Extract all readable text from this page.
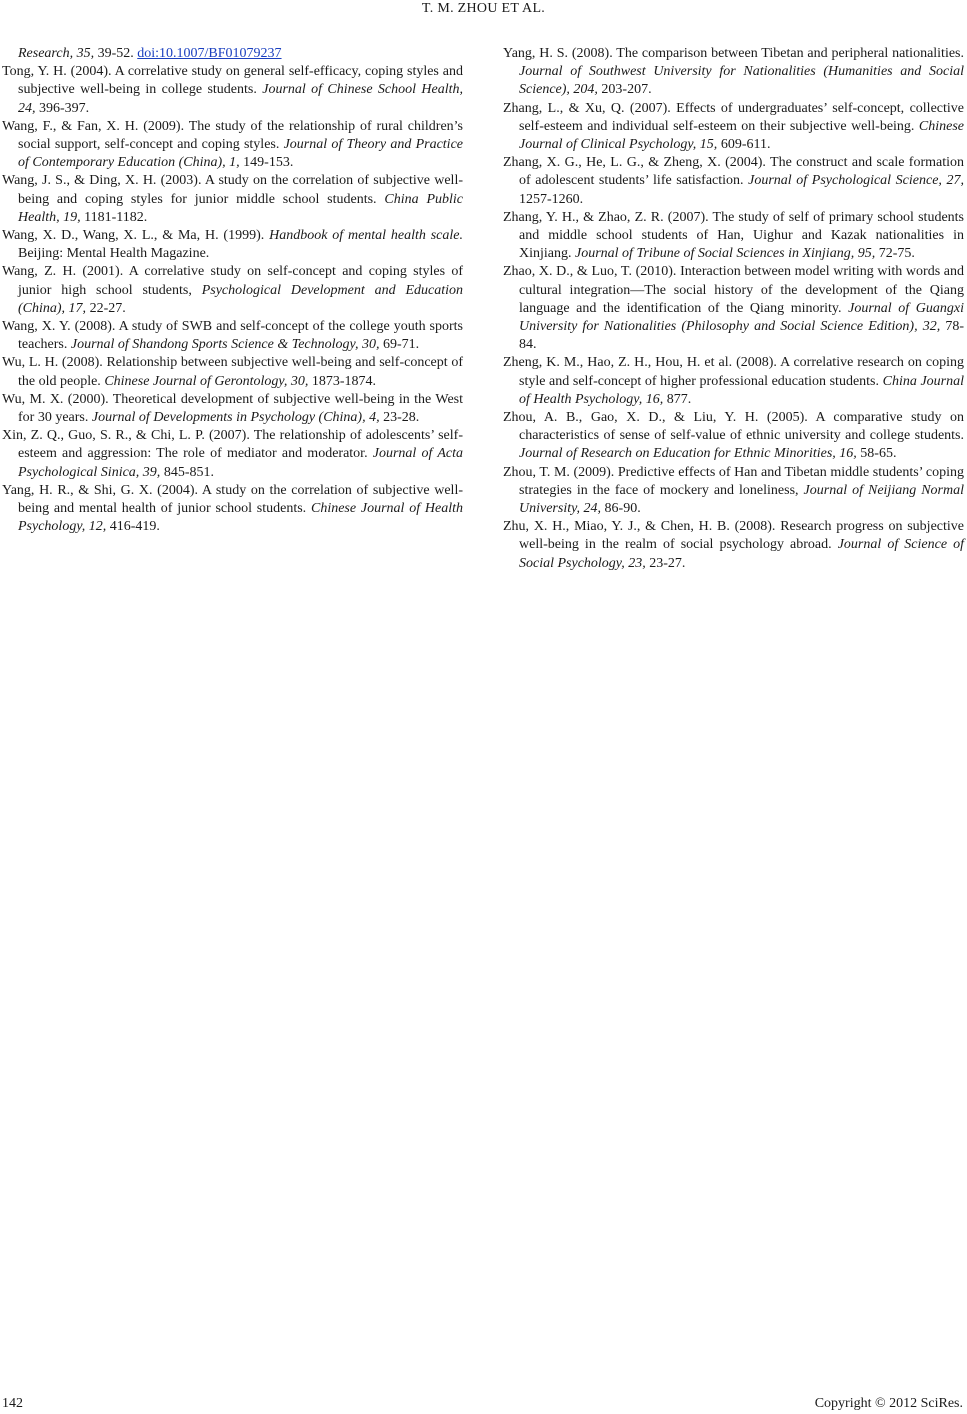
T. M. ZHOU ET AL.

Research, 35, 39-52. doi:10.1007/BF01079237

Tong, Y. H. (2004). A correlative study on general self-efficacy, coping styles and subjective well-being in college students. Journal of Chinese School Health, 24, 396-397.

Wang, F., & Fan, X. H. (2009). The study of the relationship of rural children’s social support, self-concept and coping styles. Journal of Theory and Practice of Contemporary Education (China), 1, 149-153.

Wang, J. S., & Ding, X. H. (2003). A study on the correlation of subjective well-being and coping styles for junior middle school students. China Public Health, 19, 1181-1182.

Wang, X. D., Wang, X. L., & Ma, H. (1999). Handbook of mental health scale. Beijing: Mental Health Magazine.

Wang, Z. H. (2001). A correlative study on self-concept and coping styles of junior high school students, Psychological Development and Education (China), 17, 22-27.

Wang, X. Y. (2008). A study of SWB and self-concept of the college youth sports teachers. Journal of Shandong Sports Science & Technology, 30, 69-71.

Wu, L. H. (2008). Relationship between subjective well-being and self-concept of the old people. Chinese Journal of Gerontology, 30, 1873-1874.

Wu, M. X. (2000). Theoretical development of subjective well-being in the West for 30 years. Journal of Developments in Psychology (China), 4, 23-28.

Xin, Z. Q., Guo, S. R., & Chi, L. P. (2007). The relationship of adolescents’ self-esteem and aggression: The role of mediator and moderator. Journal of Acta Psychological Sinica, 39, 845-851.

Yang, H. R., & Shi, G. X. (2004). A study on the correlation of subjective well-being and mental health of junior school students. Chinese Journal of Health Psychology, 12, 416-419.

Yang, H. S. (2008). The comparison between Tibetan and peripheral nationalities. Journal of Southwest University for Nationalities (Humanities and Social Science), 204, 203-207.

Zhang, L., & Xu, Q. (2007). Effects of undergraduates’ self-concept, collective self-esteem and individual self-esteem on their subjective well-being. Chinese Journal of Clinical Psychology, 15, 609-611.

Zhang, X. G., He, L. G., & Zheng, X. (2004). The construct and scale formation of adolescent students’ life satisfaction. Journal of Psychological Science, 27, 1257-1260.

Zhang, Y. H., & Zhao, Z. R. (2007). The study of self of primary school students and middle school students of Han, Uighur and Kazak nationalities in Xinjiang. Journal of Tribune of Social Sciences in Xinjiang, 95, 72-75.

Zhao, X. D., & Luo, T. (2010). Interaction between model writing with words and cultural integration—The social history of the development of the Qiang language and the identification of the Qiang minority. Journal of Guangxi University for Nationalities (Philosophy and Social Science Edition), 32, 78-84.

Zheng, K. M., Hao, Z. H., Hou, H. et al. (2008). A correlative research on coping style and self-concept of higher professional education students. China Journal of Health Psychology, 16, 877.

Zhou, A. B., Gao, X. D., & Liu, Y. H. (2005). A comparative study on characteristics of sense of self-value of ethnic university and college students. Journal of Research on Education for Ethnic Minorities, 16, 58-65.

Zhou, T. M. (2009). Predictive effects of Han and Tibetan middle students’ coping strategies in the face of mockery and loneliness, Journal of Neijiang Normal University, 24, 86-90.

Zhu, X. H., Miao, Y. J., & Chen, H. B. (2008). Research progress on subjective well-being in the realm of social psychology abroad. Journal of Science of Social Psychology, 23, 23-27.

142	Copyright © 2012 SciRes.
